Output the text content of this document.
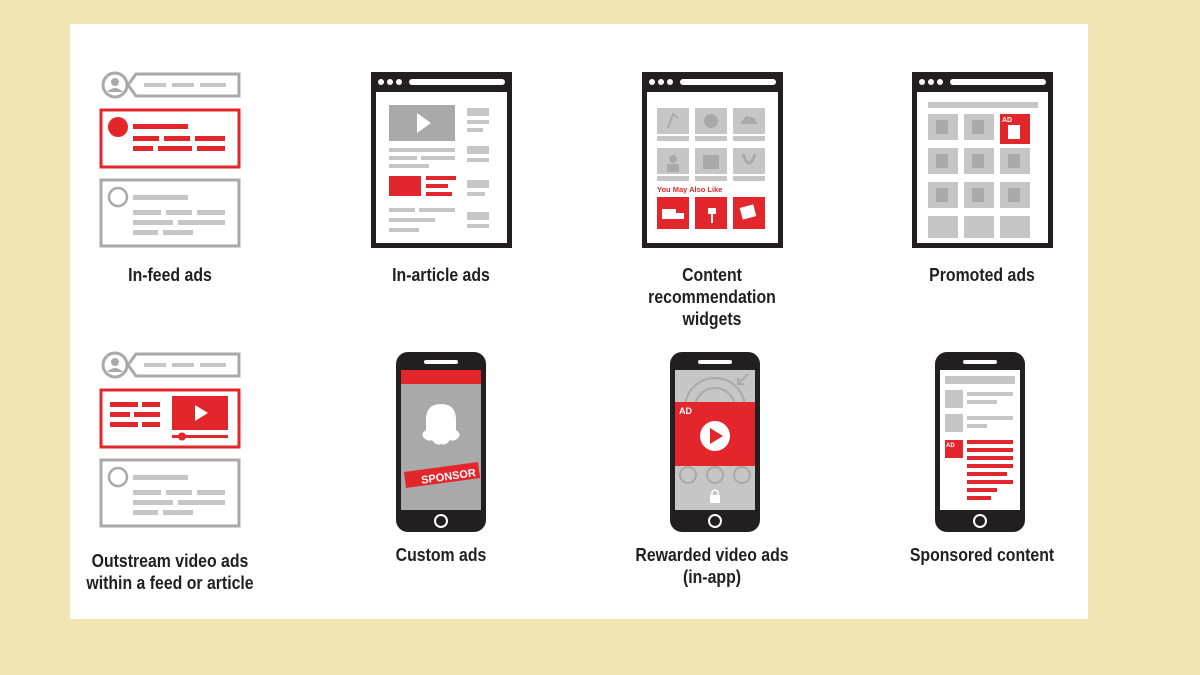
In-feed ads	In-article ads
You May Also Like
Content
recommendation
widgets
AD
Promoted ads
Outstream video ads
within a feed or article
SPONSOR
Custom ads
AD
Rewarded video ads
(in-app)
AD
Sponsored content
